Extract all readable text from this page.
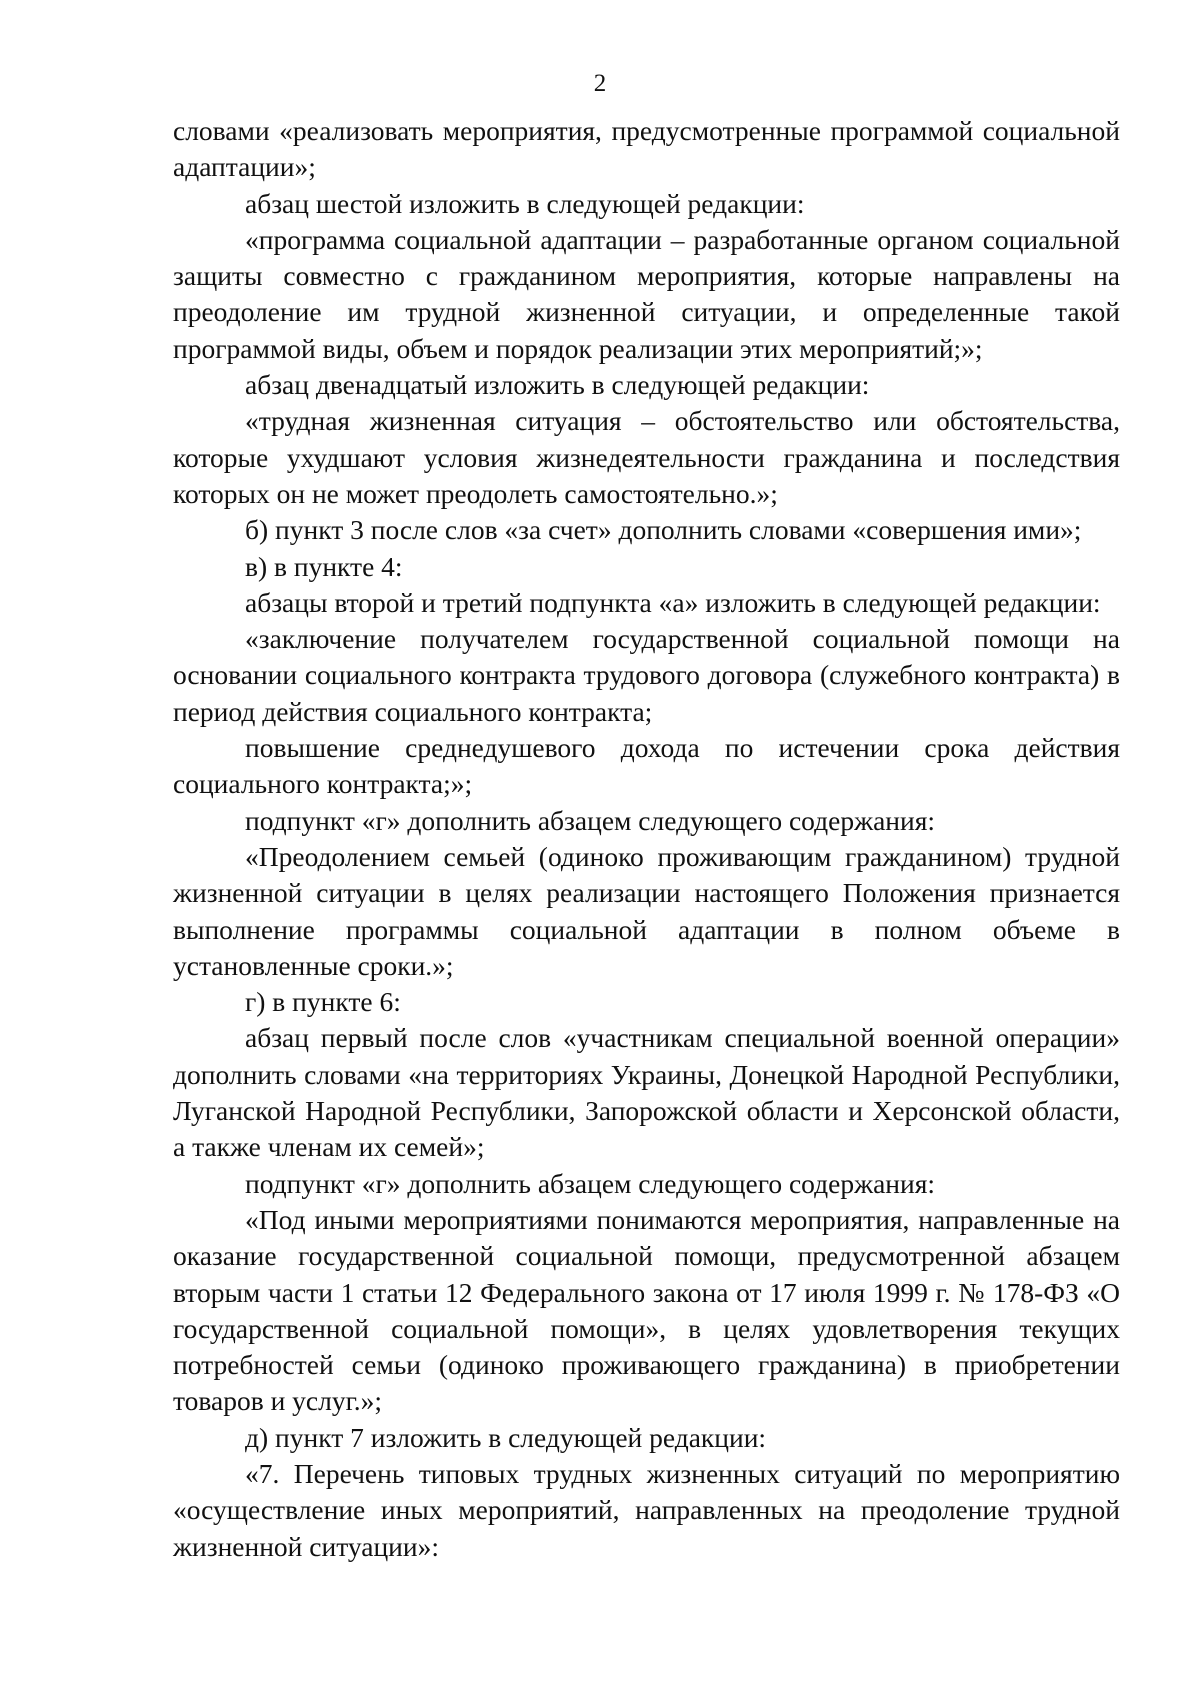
2

словами «реализовать мероприятия, предусмотренные программой социальной адаптации»;

абзац шестой изложить в следующей редакции:

«программа социальной адаптации – разработанные органом социальной защиты совместно с гражданином мероприятия, которые направлены на преодоление им трудной жизненной ситуации, и определенные такой программой виды, объем и порядок реализации этих мероприятий;»;

абзац двенадцатый изложить в следующей редакции:

«трудная жизненная ситуация – обстоятельство или обстоятельства, которые ухудшают условия жизнедеятельности гражданина и последствия которых он не может преодолеть самостоятельно.»;

б) пункт 3 после слов «за счет» дополнить словами «совершения ими»;

в) в пункте 4:

абзацы второй и третий подпункта «а» изложить в следующей редакции:

«заключение получателем государственной социальной помощи на основании социального контракта трудового договора (служебного контракта) в период действия социального контракта;

повышение среднедушевого дохода по истечении срока действия социального контракта;»;

подпункт «г» дополнить абзацем следующего содержания:

«Преодолением семьей (одиноко проживающим гражданином) трудной жизненной ситуации в целях реализации настоящего Положения признается выполнение программы социальной адаптации в полном объеме в установленные сроки.»;

г) в пункте 6:

абзац первый после слов «участникам специальной военной операции» дополнить словами «на территориях Украины, Донецкой Народной Республики, Луганской Народной Республики, Запорожской области и Херсонской области, а также членам их семей»;

подпункт «г» дополнить абзацем следующего содержания:

«Под иными мероприятиями понимаются мероприятия, направленные на оказание государственной социальной помощи, предусмотренной абзацем вторым части 1 статьи 12 Федерального закона от 17 июля 1999 г. № 178-ФЗ «О государственной социальной помощи», в целях удовлетворения текущих потребностей семьи (одиноко проживающего гражданина) в приобретении товаров и услуг.»;

д) пункт 7 изложить в следующей редакции:

«7. Перечень типовых трудных жизненных ситуаций по мероприятию «осуществление иных мероприятий, направленных на преодоление трудной жизненной ситуации»:
